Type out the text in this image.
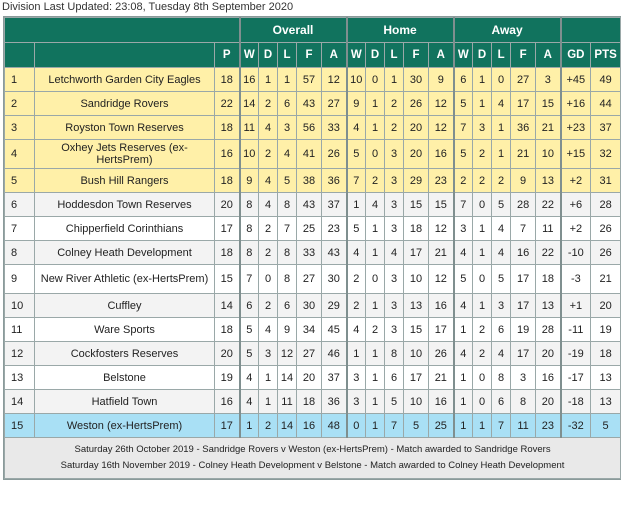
Division Last Updated: 23:08, Tuesday 8th September 2020
			Overall					Home					Away						
		P	W	D	L	F	A	W	D	L	F	A	W	D	L	F	A	GD	PTS
1	Letchworth Garden City Eagles	18	16	1	1	57	12	10	0	1	30	9	6	1	0	27	3	+45	49
2	Sandridge Rovers	22	14	2	6	43	27	9	1	2	26	12	5	1	4	17	15	+16	44
3	Royston Town Reserves	18	11	4	3	56	33	4	1	2	20	12	7	3	1	36	21	+23	37
4	Oxhey Jets Reserves (ex-HertsPrem)	16	10	2	4	41	26	5	0	3	20	16	5	2	1	21	10	+15	32
5	Bush Hill Rangers	18	9	4	5	38	36	7	2	3	29	23	2	2	2	9	13	+2	31
6	Hoddesdon Town Reserves	20	8	4	8	43	37	1	4	3	15	15	7	0	5	28	22	+6	28
7	Chipperfield Corinthians	17	8	2	7	25	23	5	1	3	18	12	3	1	4	7	11	+2	26
8	Colney Heath Development	18	8	2	8	33	43	4	1	4	17	21	4	1	4	16	22	-10	26
9	New River Athletic (ex-HertsPrem)	15	7	0	8	27	30	2	0	3	10	12	5	0	5	17	18	-3	21
10	Cuffley	14	6	2	6	30	29	2	1	3	13	16	4	1	3	17	13	+1	20
11	Ware Sports	18	5	4	9	34	45	4	2	3	15	17	1	2	6	19	28	-11	19
12	Cockfosters Reserves	20	5	3	12	27	46	1	1	8	10	26	4	2	4	17	20	-19	18
13	Belstone	19	4	1	14	20	37	3	1	6	17	21	1	0	8	3	16	-17	13
14	Hatfield Town	16	4	1	11	18	36	3	1	5	10	16	1	0	6	8	20	-18	13
15	Weston (ex-HertsPrem)	17	1	2	14	16	48	0	1	7	5	25	1	1	7	11	23	-32	5

Saturday 26th October 2019 - Sandridge Rovers v Weston (ex-HertsPrem) - Match awarded to Sandridge Rovers
Saturday 16th November 2019 - Colney Heath Development v Belstone - Match awarded to Colney Heath Development																			
